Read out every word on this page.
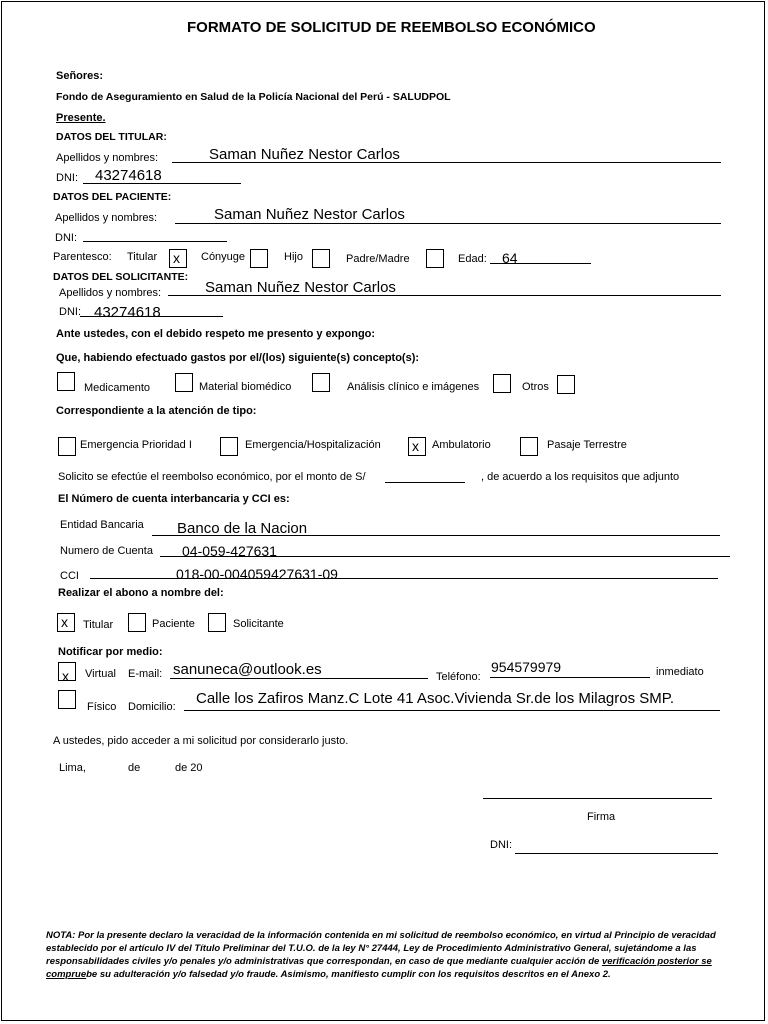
FORMATO DE SOLICITUD DE REEMBOLSO ECONÓMICO
Señores:
Fondo de Aseguramiento en Salud de la Policía Nacional del Perú - SALUDPOL
Presente.
DATOS DEL TITULAR:
Apellidos y nombres:	Saman Nuñez Nestor Carlos
DNI: 43274618
DATOS DEL PACIENTE:
Apellidos y nombres:	Saman Nuñez Nestor Carlos
DNI:
Parentesco: Titular x	Cónyuge	Hijo	Padre/Madre	Edad: 64
DATOS DEL SOLICITANTE:
Apellidos y nombres:	Saman Nuñez Nestor Carlos
DNI: 43274618
Ante ustedes, con el debido respeto me presento y expongo:
Que, habiendo efectuado gastos por el/(los) siguiente(s) concepto(s):
Medicamento	Material biomédico	Análisis clínico e imágenes	Otros
Correspondiente a la atención de tipo:
Emergencia Prioridad I	Emergencia/Hospitalización x	Ambulatorio	Pasaje Terrestre
Solicito se efectúe el reembolso económico, por el monto de S/	, de acuerdo a los requisitos que adjunto
El Número de cuenta interbancaria y CCI es:
Entidad Bancaria Banco de la Nacion
Numero de Cuenta 04-059-427631
CCI	018-00-004059427631-09
Realizar el abono a nombre del:
x	Titular	Paciente	Solicitante
Notificar por medio:
x	Virtual E-mail: sanuneca@outlook.es	Teléfono:
954579979	inmediato
Físico Domicilio: Calle los Zafiros Manz.C Lote 41 Asoc.Vivienda Sr.de los Milagros SMP.
A ustedes, pido acceder a mi solicitud por considerarlo justo.
Lima,	de	de 20
Firma
DNI:
NOTA: Por la presente declaro la veracidad de la información contenida en mi solicitud de reembolso económico, en virtud al Principio de veracidad establecido por el artículo IV del Título Preliminar del T.U.O. de la ley N° 27444, Ley de Procedimiento Administrativo General, sujetándome a las responsabilidades civiles y/o penales y/o administrativas que correspondan, en caso de que mediante cualquier acción de verificación posterior se compruebe su adulteración y/o falsedad y/o fraude. Asimismo, manifiesto cumplir con los requisitos descritos en el Anexo 2.
